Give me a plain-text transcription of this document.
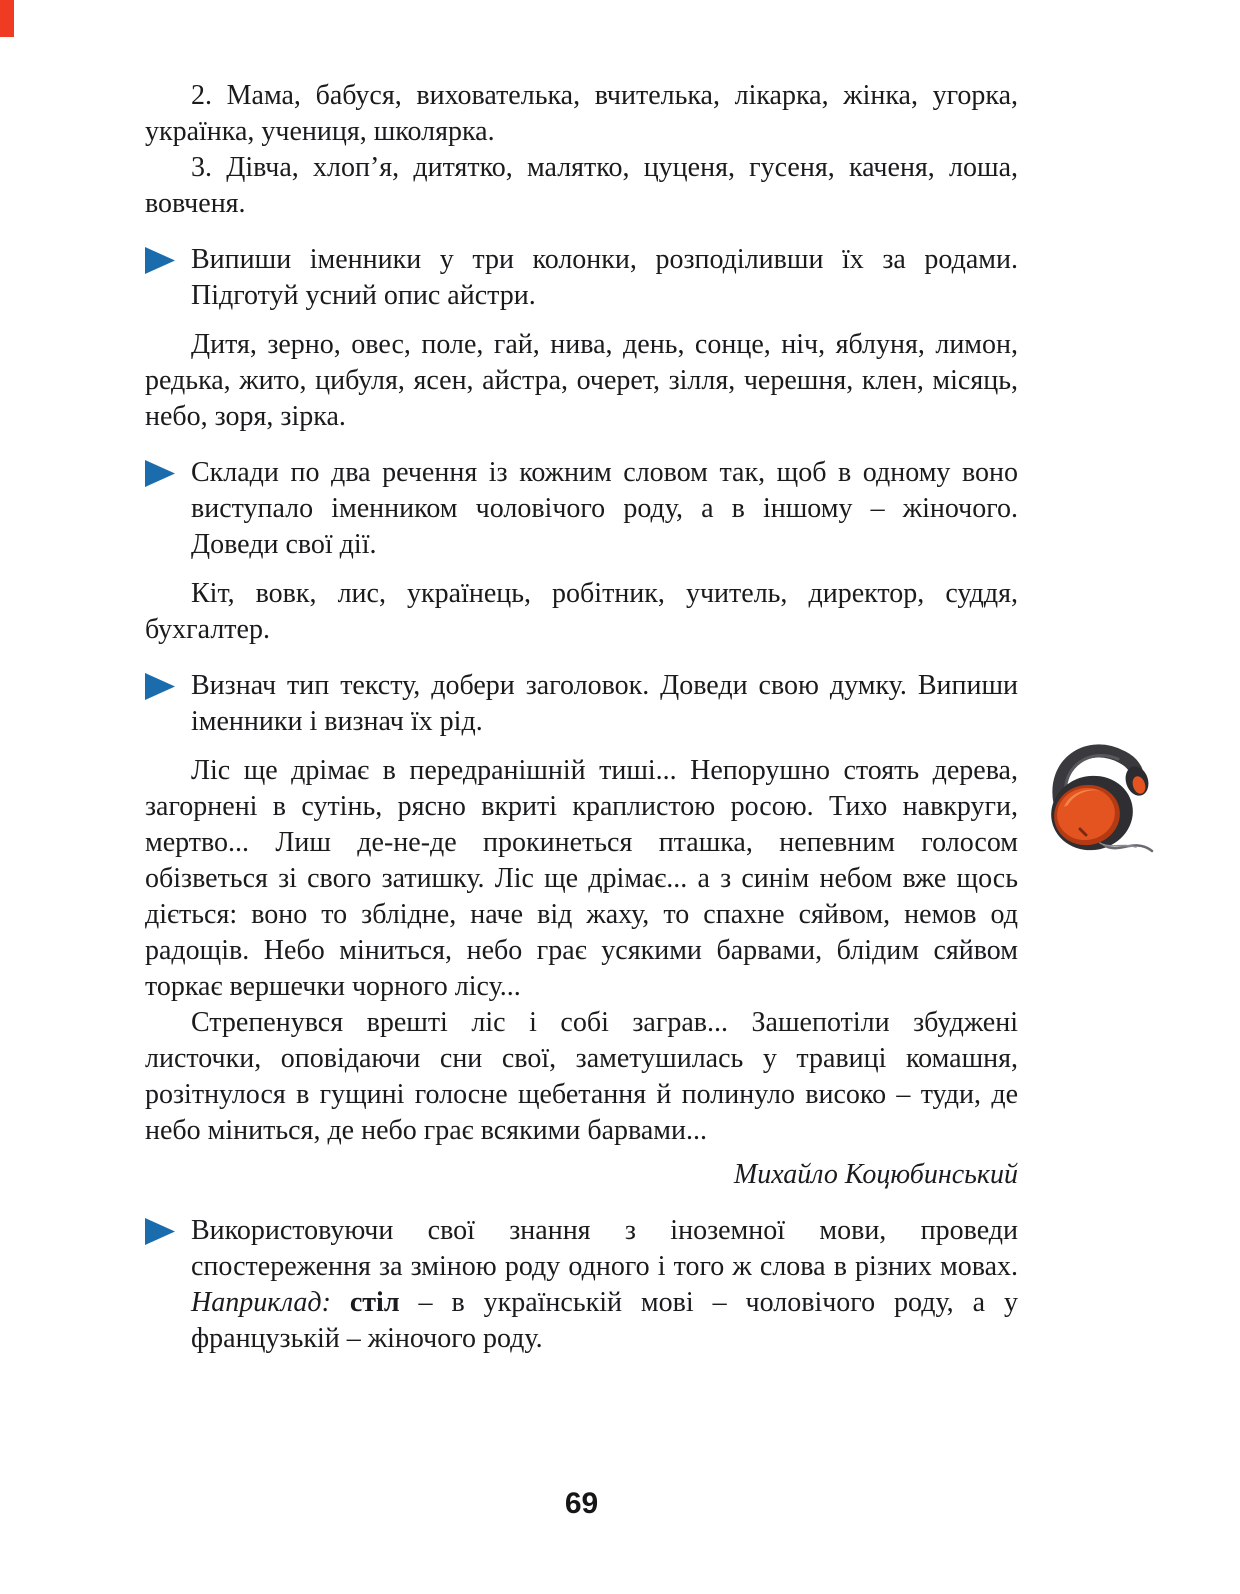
2. Мама, бабуся, вихователька, вчителька, лікарка, жінка, угорка, українка, учениця, школярка.

3. Дівча, хлоп’я, дитятко, малятко, цуценя, гусеня, каченя, лоша, вовченя.

Випиши іменники у три колонки, розподіливши їх за родами. Підготуй усний опис айстри.

Дитя, зерно, овес, поле, гай, нива, день, сонце, ніч, яблуня, лимон, редька, жито, цибуля, ясен, айстра, очерет, зілля, черешня, клен, місяць, небо, зоря, зірка.

Склади по два речення із кожним словом так, щоб в одному воно виступало іменником чоловічого роду, а в іншому – жіночого. Доведи свої дії.

Кіт, вовк, лис, українець, робітник, учитель, директор, суддя, бухгалтер.

Визнач тип тексту, добери заголовок. Доведи свою думку. Випиши іменники і визнач їх рід.

Ліс ще дрімає в передранішній тиші... Непорушно стоять дерева, загорнені в сутінь, рясно вкриті краплистою росою. Тихо навкруги, мертво... Лиш де-не-де прокинеться пташка, непевним голосом обізветься зі свого затишку. Ліс ще дрімає... а з синім небом вже щось діється: воно то зблідне, наче від жаху, то спахне сяйвом, немов од радощів. Небо міниться, небо грає усякими барвами, блідим сяйвом торкає вершечки чорного лісу...

Стрепенувся врешті ліс і собі заграв... Зашепотіли збуджені листочки, оповідаючи сни свої, заметушилась у травиці комашня, розітнулося в гущині голосне щебетання й полинуло високо – туди, де небо міниться, де небо грає всякими барвами...

Михайло Коцюбинський

Використовуючи свої знання з іноземної мови, проведи спостереження за зміною роду одного і того ж слова в різних мовах. Наприклад: стіл – в українській мові – чоловічого роду, а у французькій – жіночого роду.

69
